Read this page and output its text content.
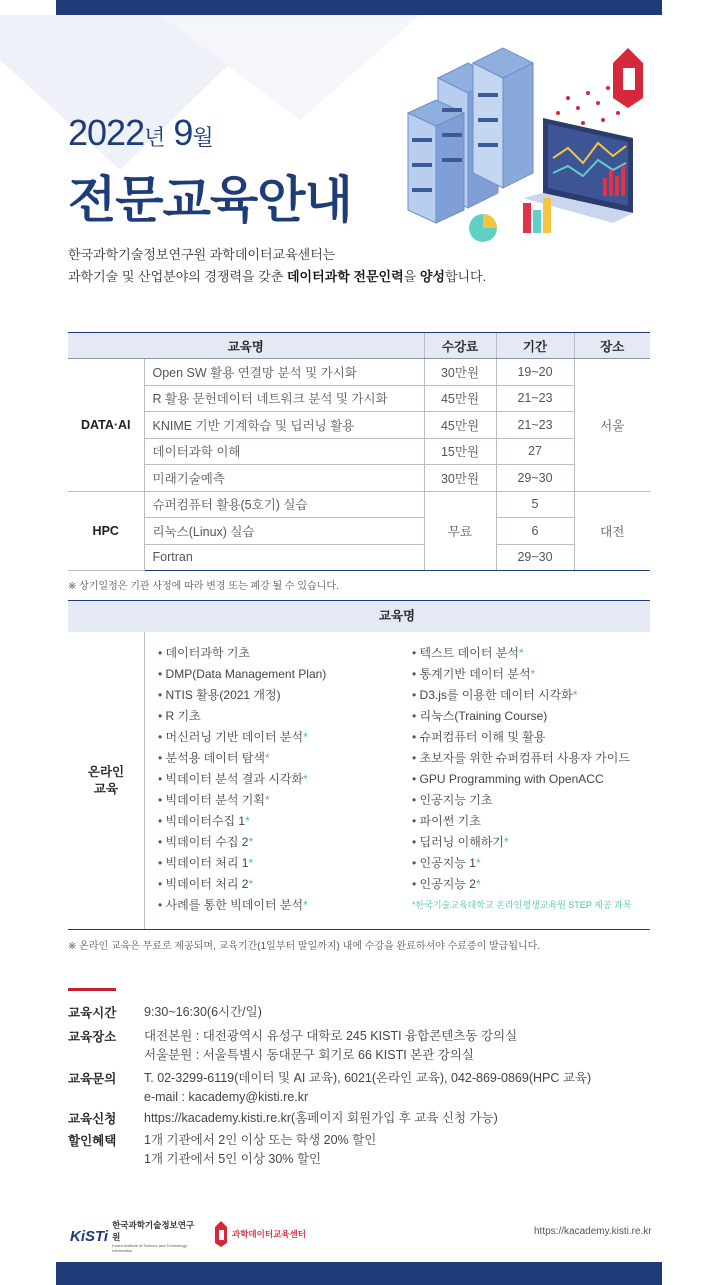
2022년 9월
전문교육안내
한국과학기술정보연구원 과학데이터교육센터는
과학기술 및 산업분야의 경쟁력을 갖춘 데이터과학 전문인력을 양성합니다.
교육명		수강료	기간	장소
DATA·AI	Open SW 활용 연결망 분석 및 가시화	30만원	19~20	서울
	R 활용 문헌데이터 네트워크 분석 및 가시화	45만원	21~23	
	KNIME 기반 기계학습 및 딥러닝 활용	45만원	21~23	
	데이터과학 이해	15만원	27	
	미래기술예측	30만원	29~30	
HPC	슈퍼컴퓨터 활용(5호기) 실습	무료	5	대전
	리눅스(Linux) 실습		6	
	Fortran		29~30	
※ 상기일정은 기관 사정에 따라 변경 또는 폐강 될 수 있습니다.
교육명
온라인
교육
• 데이터과학 기초
• DMP(Data Management Plan)
• NTIS 활용(2021 개정)
• R 기초
• 머신러닝 기반 데이터 분석*
• 분석용 데이터 탐색*
• 빅데이터 분석 결과 시각화*
• 빅데이터 분석 기획*
• 빅데이터수집 1*
• 빅데이터 수집 2*
• 빅데이터 처리 1*
• 빅데이터 처리 2*
• 사례를 통한 빅데이터 분석*
• 텍스트 데이터 분석*
• 통계기반 데이터 분석*
• D3.js를 이용한 데이터 시각화*
• 리눅스(Training Course)
• 슈퍼컴퓨터 이해 및 활용
• 초보자를 위한 슈퍼컴퓨터 사용자 가이드
• GPU Programming with OpenACC
• 인공지능 기초
• 파이썬 기초
• 딥러닝 이해하기*
• 인공지능 1*
• 인공지능 2*
*한국기술교육대학교 온라인평생교육원 STEP 제공 과목
※ 온라인 교육은 무료로 제공되며, 교육기간(1일부터 말일까지) 내에 수강을 완료하셔야 수료증이 발급됩니다.
교육시간	9:30~16:30(6시간/일)
교육장소	대전본원 : 대전광역시 유성구 대학로 245 KISTI 융합콘텐츠동 강의실
서울분원 : 서울특별시 동대문구 회기로 66 KISTI 본관 강의실
교육문의	T. 02-3299-6119(데이터 및 AI 교육), 6021(온라인 교육), 042-869-0869(HPC 교육)
e-mail : kacademy@kisti.re.kr
교육신청	https://kacademy.kisti.re.kr(홈페이지 회원가입 후 교육 신청 가능)
할인혜택	1개 기관에서 2인 이상 또는 학생 20% 할인
1개 기관에서 5인 이상 30% 할인
KiSTi
한국과학기술정보연구원
Korea Institute of Science and Technology Information
과학데이터교육센터	https://kacademy.kisti.re.kr
